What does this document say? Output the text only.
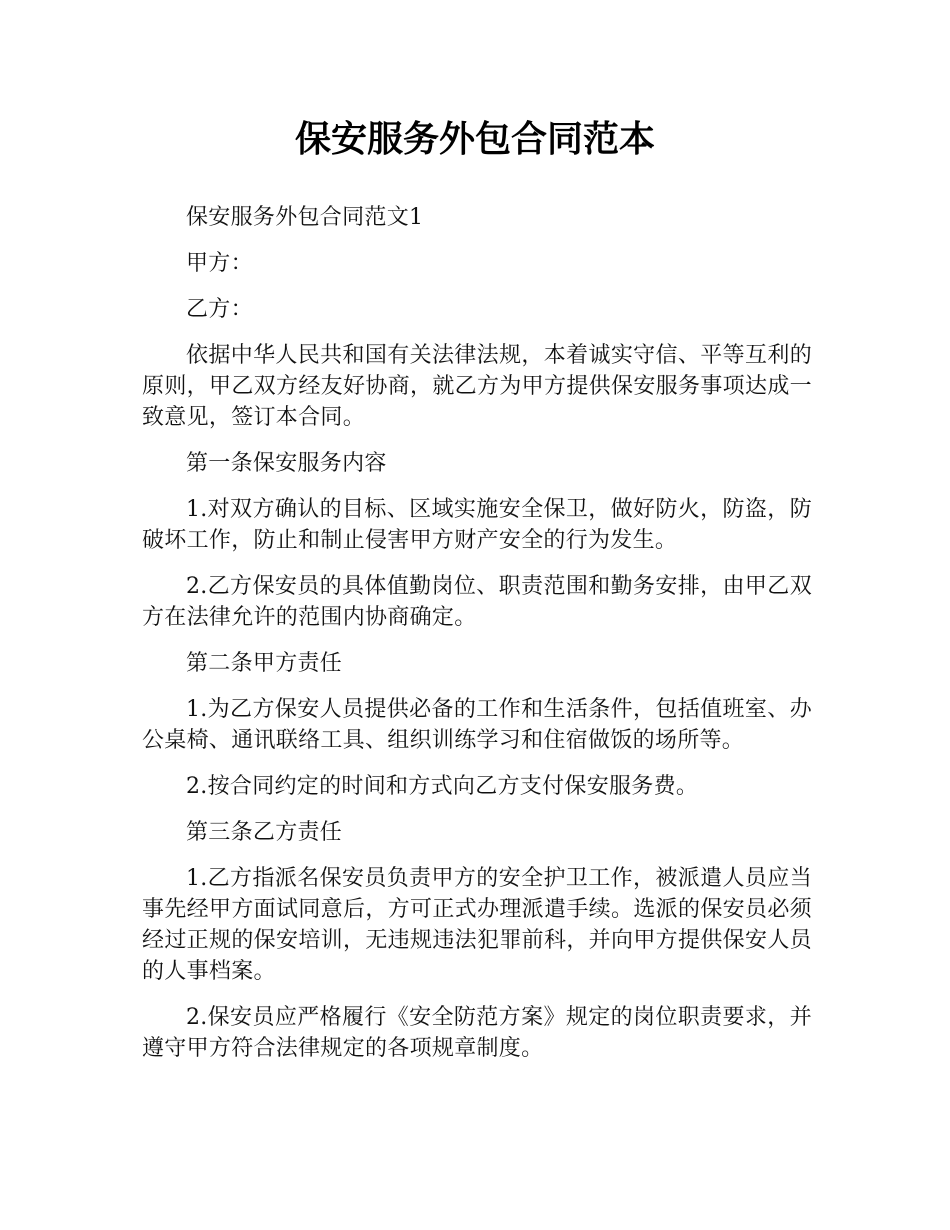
保安服务外包合同范本

保安服务外包合同范文1

甲方：

乙方：

依据中华人民共和国有关法律法规，本着诚实守信、平等互利的原则，甲乙双方经友好协商，就乙方为甲方提供保安服务事项达成一致意见，签订本合同。

第一条保安服务内容

1.对双方确认的目标、区域实施安全保卫，做好防火，防盗，防破坏工作，防止和制止侵害甲方财产安全的行为发生。

2.乙方保安员的具体值勤岗位、职责范围和勤务安排，由甲乙双方在法律允许的范围内协商确定。

第二条甲方责任

1.为乙方保安人员提供必备的工作和生活条件，包括值班室、办公桌椅、通讯联络工具、组织训练学习和住宿做饭的场所等。

2.按合同约定的时间和方式向乙方支付保安服务费。

第三条乙方责任

1.乙方指派名保安员负责甲方的安全护卫工作，被派遣人员应当事先经甲方面试同意后，方可正式办理派遣手续。选派的保安员必须经过正规的保安培训，无违规违法犯罪前科，并向甲方提供保安人员的人事档案。

2.保安员应严格履行《安全防范方案》规定的岗位职责要求，并遵守甲方符合法律规定的各项规章制度。
